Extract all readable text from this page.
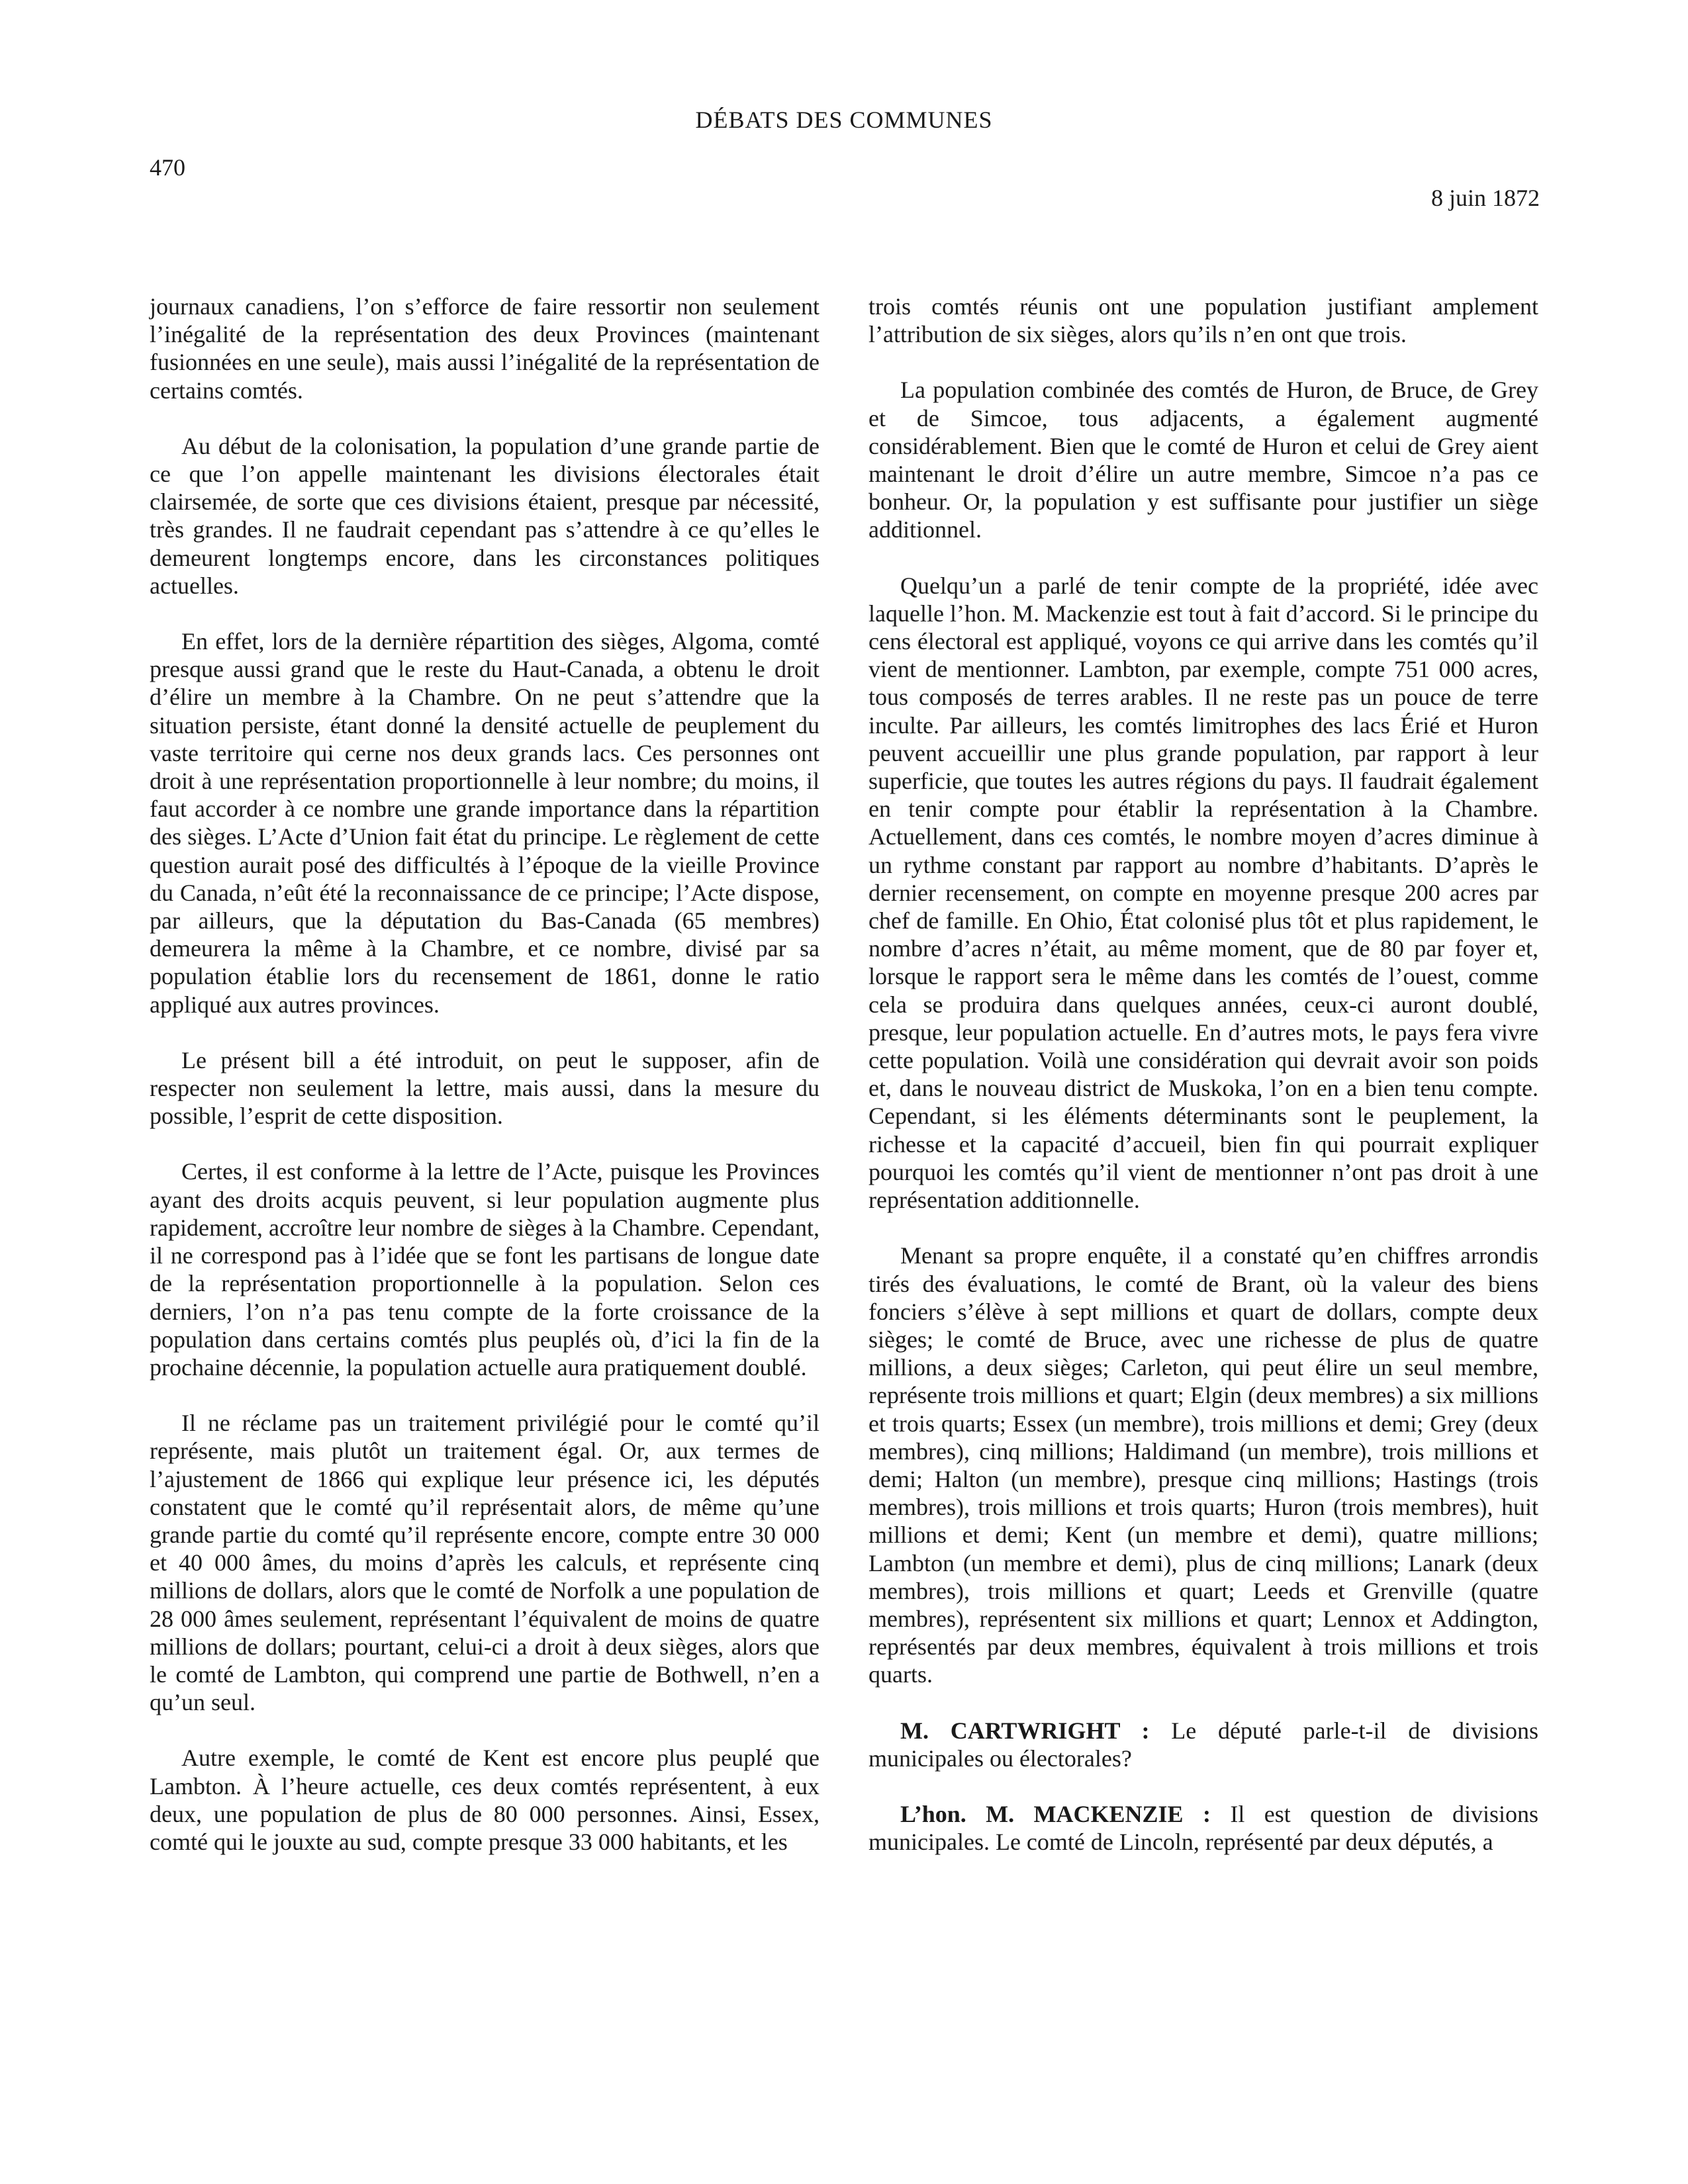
DÉBATS DES COMMUNES
470
8 juin 1872

journaux canadiens, l’on s’efforce de faire ressortir non seulement l’inégalité de la représentation des deux Provinces (maintenant fusionnées en une seule), mais aussi l’inégalité de la représentation de certains comtés.

Au début de la colonisation, la population d’une grande partie de ce que l’on appelle maintenant les divisions électorales était clairsemée, de sorte que ces divisions étaient, presque par nécessité, très grandes. Il ne faudrait cependant pas s’attendre à ce qu’elles le demeurent longtemps encore, dans les circonstances politiques actuelles.

En effet, lors de la dernière répartition des sièges, Algoma, comté presque aussi grand que le reste du Haut-Canada, a obtenu le droit d’élire un membre à la Chambre. On ne peut s’attendre que la situation persiste, étant donné la densité actuelle de peuplement du vaste territoire qui cerne nos deux grands lacs. Ces personnes ont droit à une représentation proportionnelle à leur nombre; du moins, il faut accorder à ce nombre une grande importance dans la répartition des sièges. L’Acte d’Union fait état du principe. Le règlement de cette question aurait posé des difficultés à l’époque de la vieille Province du Canada, n’eût été la reconnaissance de ce principe; l’Acte dispose, par ailleurs, que la députation du Bas-Canada (65 membres) demeurera la même à la Chambre, et ce nombre, divisé par sa population établie lors du recensement de 1861, donne le ratio appliqué aux autres provinces.

Le présent bill a été introduit, on peut le supposer, afin de respecter non seulement la lettre, mais aussi, dans la mesure du possible, l’esprit de cette disposition.

Certes, il est conforme à la lettre de l’Acte, puisque les Provinces ayant des droits acquis peuvent, si leur population augmente plus rapidement, accroître leur nombre de sièges à la Chambre. Cependant, il ne correspond pas à l’idée que se font les partisans de longue date de la représentation proportionnelle à la population. Selon ces derniers, l’on n’a pas tenu compte de la forte croissance de la population dans certains comtés plus peuplés où, d’ici la fin de la prochaine décennie, la population actuelle aura pratiquement doublé.

Il ne réclame pas un traitement privilégié pour le comté qu’il représente, mais plutôt un traitement égal. Or, aux termes de l’ajustement de 1866 qui explique leur présence ici, les députés constatent que le comté qu’il représentait alors, de même qu’une grande partie du comté qu’il représente encore, compte entre 30 000 et 40 000 âmes, du moins d’après les calculs, et représente cinq millions de dollars, alors que le comté de Norfolk a une population de 28 000 âmes seulement, représentant l’équivalent de moins de quatre millions de dollars; pourtant, celui-ci a droit à deux sièges, alors que le comté de Lambton, qui comprend une partie de Bothwell, n’en a qu’un seul.

Autre exemple, le comté de Kent est encore plus peuplé que Lambton. À l’heure actuelle, ces deux comtés représentent, à eux deux, une population de plus de 80 000 personnes. Ainsi, Essex, comté qui le jouxte au sud, compte presque 33 000 habitants, et les

trois comtés réunis ont une population justifiant amplement l’attribution de six sièges, alors qu’ils n’en ont que trois.

La population combinée des comtés de Huron, de Bruce, de Grey et de Simcoe, tous adjacents, a également augmenté considérablement. Bien que le comté de Huron et celui de Grey aient maintenant le droit d’élire un autre membre, Simcoe n’a pas ce bonheur. Or, la population y est suffisante pour justifier un siège additionnel.

Quelqu’un a parlé de tenir compte de la propriété, idée avec laquelle l’hon. M. Mackenzie est tout à fait d’accord. Si le principe du cens électoral est appliqué, voyons ce qui arrive dans les comtés qu’il vient de mentionner. Lambton, par exemple, compte 751 000 acres, tous composés de terres arables. Il ne reste pas un pouce de terre inculte. Par ailleurs, les comtés limitrophes des lacs Érié et Huron peuvent accueillir une plus grande population, par rapport à leur superficie, que toutes les autres régions du pays. Il faudrait également en tenir compte pour établir la représentation à la Chambre. Actuellement, dans ces comtés, le nombre moyen d’acres diminue à un rythme constant par rapport au nombre d’habitants. D’après le dernier recensement, on compte en moyenne presque 200 acres par chef de famille. En Ohio, État colonisé plus tôt et plus rapidement, le nombre d’acres n’était, au même moment, que de 80 par foyer et, lorsque le rapport sera le même dans les comtés de l’ouest, comme cela se produira dans quelques années, ceux-ci auront doublé, presque, leur population actuelle. En d’autres mots, le pays fera vivre cette population. Voilà une considération qui devrait avoir son poids et, dans le nouveau district de Muskoka, l’on en a bien tenu compte. Cependant, si les éléments déterminants sont le peuplement, la richesse et la capacité d’accueil, bien fin qui pourrait expliquer pourquoi les comtés qu’il vient de mentionner n’ont pas droit à une représentation additionnelle.

Menant sa propre enquête, il a constaté qu’en chiffres arrondis tirés des évaluations, le comté de Brant, où la valeur des biens fonciers s’élève à sept millions et quart de dollars, compte deux sièges; le comté de Bruce, avec une richesse de plus de quatre millions, a deux sièges; Carleton, qui peut élire un seul membre, représente trois millions et quart; Elgin (deux membres) a six millions et trois quarts; Essex (un membre), trois millions et demi; Grey (deux membres), cinq millions; Haldimand (un membre), trois millions et demi; Halton (un membre), presque cinq millions; Hastings (trois membres), trois millions et trois quarts; Huron (trois membres), huit millions et demi; Kent (un membre et demi), quatre millions; Lambton (un membre et demi), plus de cinq millions; Lanark (deux membres), trois millions et quart; Leeds et Grenville (quatre membres), représentent six millions et quart; Lennox et Addington, représentés par deux membres, équivalent à trois millions et trois quarts.

M. CARTWRIGHT : Le député parle-t-il de divisions municipales ou électorales?

L’hon. M. MACKENZIE : Il est question de divisions municipales. Le comté de Lincoln, représenté par deux députés, a
